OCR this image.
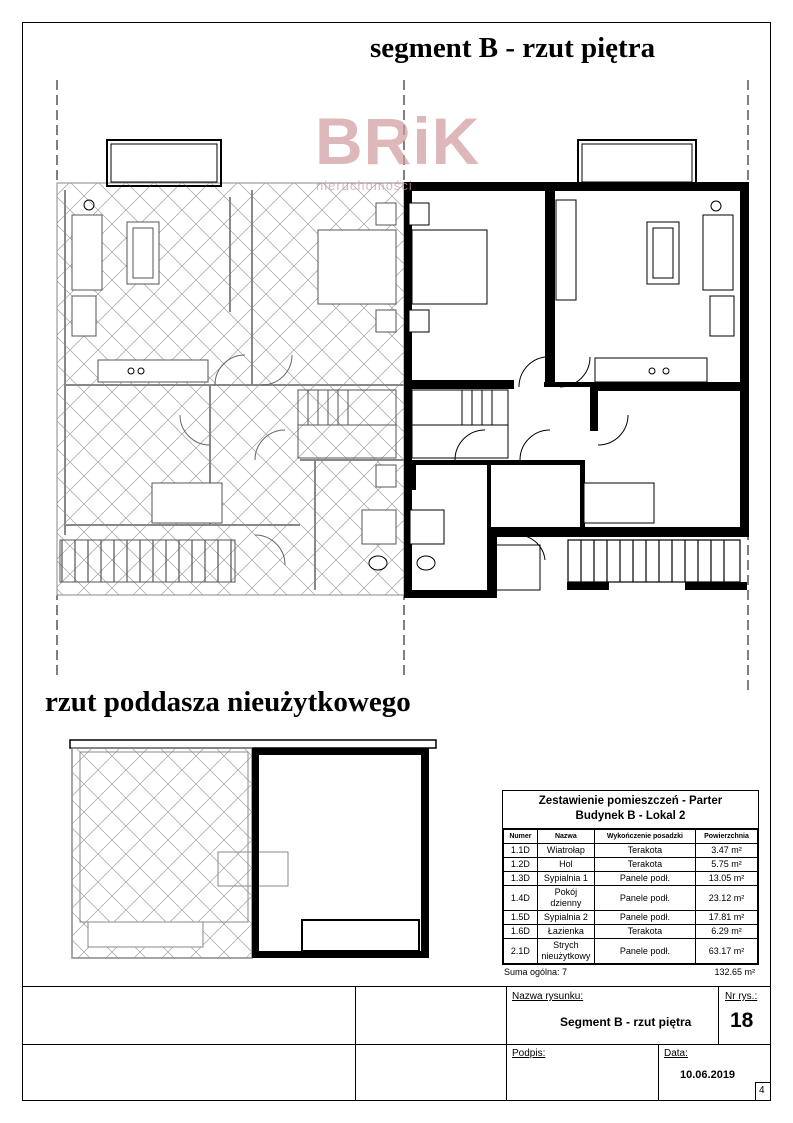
segment B - rzut piętra
BRiK
nieruchomości
rzut poddasza nieużytkowego
Zestawienie pomieszczeń - Parter
Budynek B - Lokal 2
Numer	Nazwa	Wykończenie posadzki	Powierzchnia
1.1D	Wiatrołap	Terakota	3.47 m²
1.2D	Hol	Terakota	5.75 m²
1.3D	Sypialnia 1	Panele podł.	13.05 m²
1.4D	Pokój dzienny	Panele podł.	23.12 m²
1.5D	Sypialnia 2	Panele podł.	17.81 m²
1.6D	Łazienka	Terakota	6.29 m²
2.1D	Strych nieużytkowy	Panele podł.	63.17 m²
Suma ogólna: 7	132.65 m²
Nazwa rysunku:
Segment B - rzut piętra
Nr rys.:
18
Podpis:	Data:
10.06.2019
4
